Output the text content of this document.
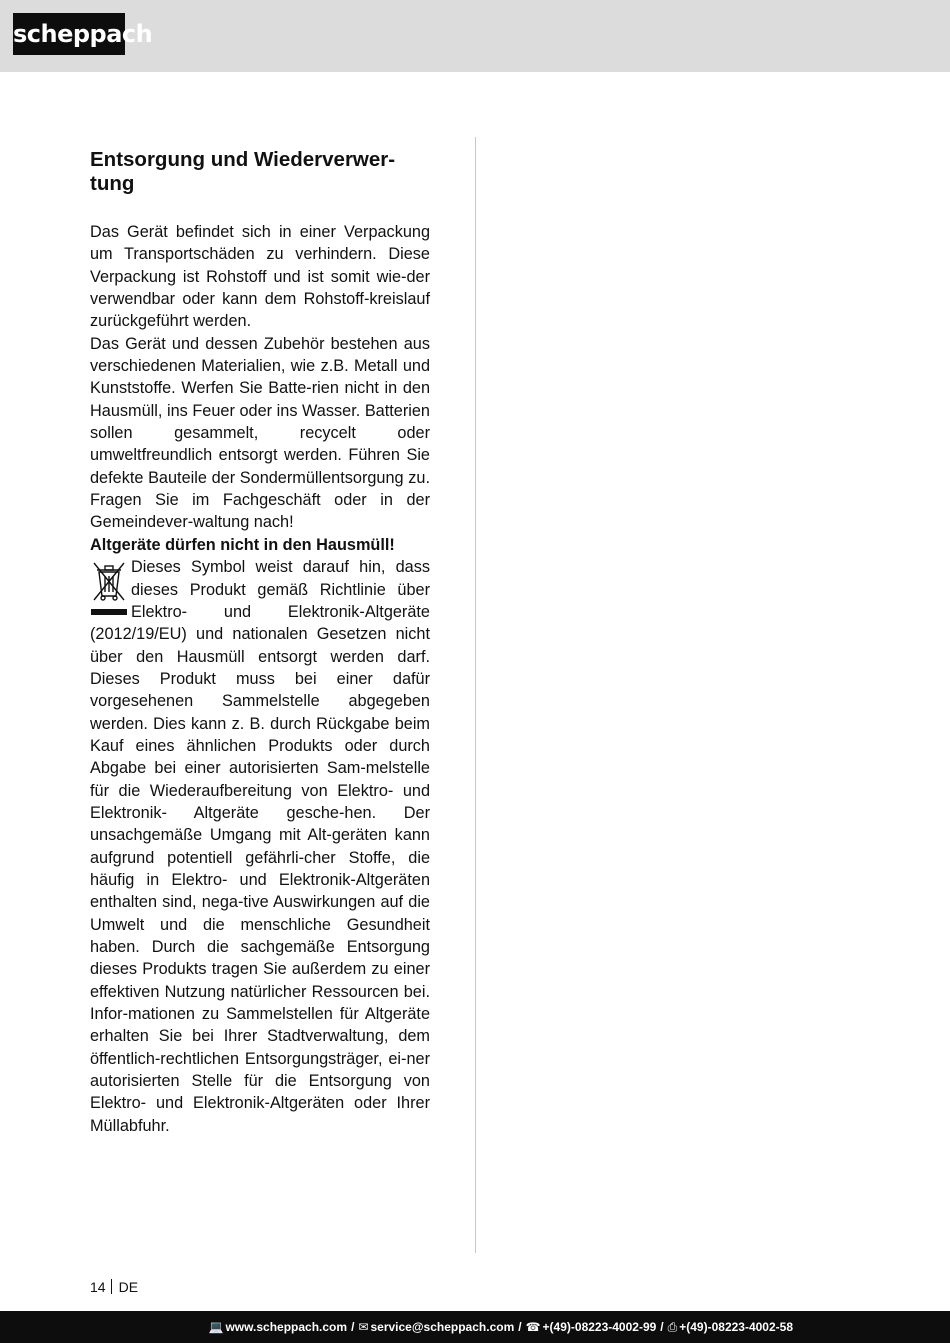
scheppach
Entsorgung und Wiederverwer-
tung

Das Gerät befindet sich in einer Verpackung um Transportschäden zu verhindern. Diese Verpackung ist Rohstoff und ist somit wie-der verwendbar oder kann dem Rohstoff-kreislauf zurückgeführt werden.

Das Gerät und dessen Zubehör bestehen aus verschiedenen Materialien, wie z.B. Metall und Kunststoffe. Werfen Sie Batte-rien nicht in den Hausmüll, ins Feuer oder ins Wasser. Batterien sollen gesammelt, recycelt oder umweltfreundlich entsorgt werden. Führen Sie defekte Bauteile der Sondermüllentsorgung zu. Fragen Sie im Fachgeschäft oder in der Gemeindever-waltung nach!

Altgeräte dürfen nicht in den Hausmüll!

Dieses Symbol weist darauf hin, dass dieses Produkt gemäß Richtlinie über Elektro- und Elektronik-Altgeräte (2012/19/EU) und nationalen Gesetzen nicht über den Hausmüll entsorgt werden darf. Dieses Produkt muss bei einer dafür vorgesehenen Sammelstelle abgegeben werden. Dies kann z. B. durch Rückgabe beim Kauf eines ähnlichen Produkts oder durch Abgabe bei einer autorisierten Sam-melstelle für die Wiederaufbereitung von Elektro- und Elektronik- Altgeräte gesche-hen. Der unsachgemäße Umgang mit Alt-geräten kann aufgrund potentiell gefährli-cher Stoffe, die häufig in Elektro- und Elektronik-Altgeräten enthalten sind, nega-tive Auswirkungen auf die Umwelt und die menschliche Gesundheit haben. Durch die sachgemäße Entsorgung dieses Produkts tragen Sie außerdem zu einer effektiven Nutzung natürlicher Ressourcen bei. Infor-mationen zu Sammelstellen für Altgeräte erhalten Sie bei Ihrer Stadtverwaltung, dem öffentlich-rechtlichen Entsorgungsträger, ei-ner autorisierten Stelle für die Entsorgung von Elektro- und Elektronik-Altgeräten oder Ihrer Müllabfuhr.

14 DE
💻 www.scheppach.com / ✉ service@scheppach.com / ☎ +(49)-08223-4002-99 / ⎙ +(49)-08223-4002-58
